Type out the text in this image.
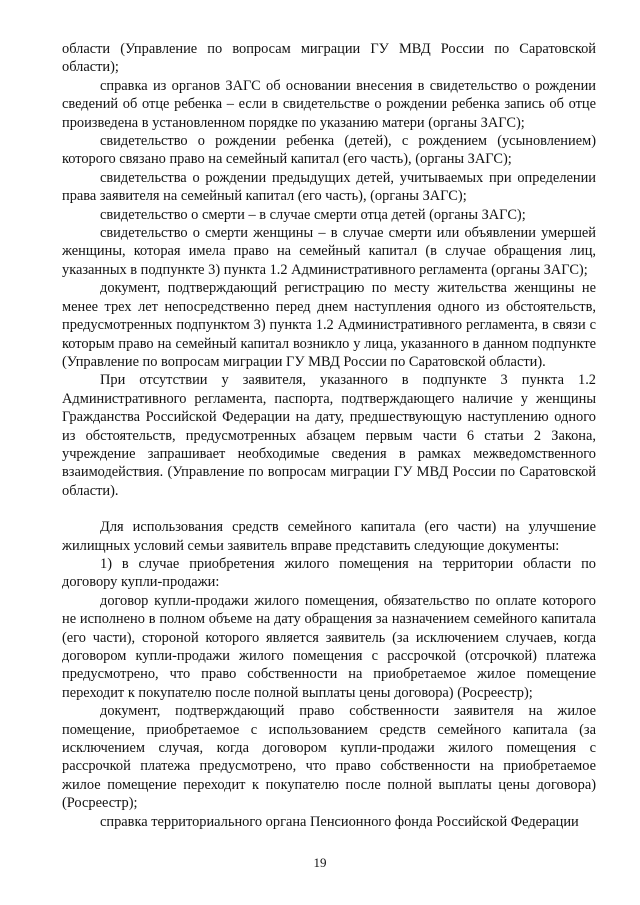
области (Управление по вопросам миграции ГУ МВД России по Саратовской области);

справка из органов ЗАГС об основании внесения в свидетельство о рождении сведений об отце ребенка – если в свидетельстве о рождении ребенка запись об отце произведена в установленном порядке по указанию матери (органы ЗАГС);

свидетельство о рождении ребенка (детей), с рождением (усыновлением) которого связано право на семейный капитал (его часть), (органы ЗАГС);

свидетельства о рождении предыдущих детей, учитываемых при определении права заявителя на семейный капитал (его часть), (органы ЗАГС);

свидетельство о смерти – в случае смерти отца детей (органы ЗАГС);

свидетельство о смерти женщины – в случае смерти или объявлении умершей женщины, которая имела право на семейный капитал (в случае обращения лиц, указанных в подпункте 3) пункта 1.2 Административного регламента (органы ЗАГС);

документ, подтверждающий регистрацию по месту жительства женщины не менее трех лет непосредственно перед днем наступления одного из обстоятельств, предусмотренных подпунктом 3) пункта 1.2 Административного регламента, в связи с которым право на семейный капитал возникло у лица, указанного в данном подпункте (Управление по вопросам миграции ГУ МВД России по Саратовской области).

При отсутствии у заявителя, указанного в подпункте 3 пункта 1.2 Административного регламента, паспорта, подтверждающего наличие у женщины Гражданства Российской Федерации на дату, предшествующую наступлению одного из обстоятельств, предусмотренных абзацем первым части 6 статьи 2 Закона, учреждение запрашивает необходимые сведения в рамках межведомственного взаимодействия. (Управление по вопросам миграции ГУ МВД России по Саратовской области).

Для использования средств семейного капитала (его части) на улучшение жилищных условий семьи заявитель вправе представить следующие документы:

1) в случае приобретения жилого помещения на территории области по договору купли-продажи:

договор купли-продажи жилого помещения, обязательство по оплате которого не исполнено в полном объеме на дату обращения за назначением семейного капитала (его части), стороной которого является заявитель (за исключением случаев, когда договором купли-продажи жилого помещения с рассрочкой (отсрочкой) платежа предусмотрено, что право собственности на приобретаемое жилое помещение переходит к покупателю после полной выплаты цены договора) (Росреестр);

документ, подтверждающий право собственности заявителя на жилое помещение, приобретаемое с использованием средств семейного капитала (за исключением случая, когда договором купли-продажи жилого помещения с рассрочкой платежа предусмотрено, что право собственности на приобретаемое жилое помещение переходит к покупателю после полной выплаты цены договора) (Росреестр);

справка территориального органа Пенсионного фонда Российской Федерации

19
